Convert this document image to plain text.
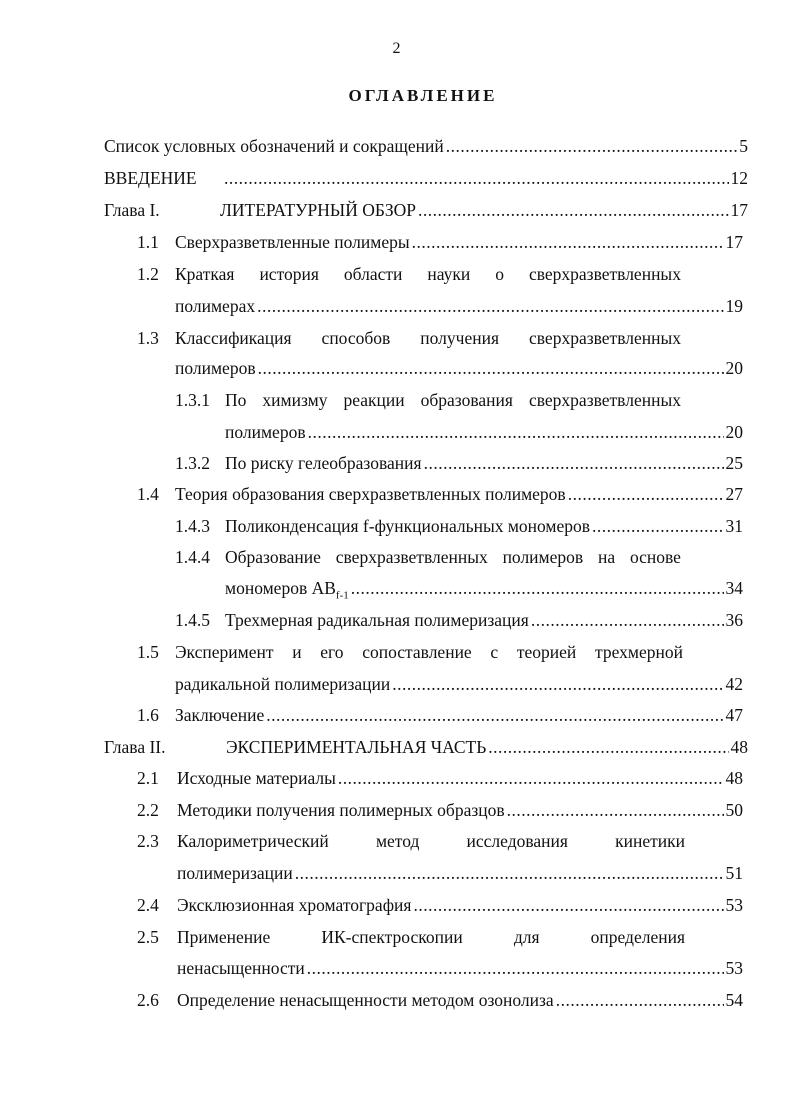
2
ОГЛАВЛЕНИЕ
Список условных обозначений и сокращений .....	5
ВВЕДЕНИЕ .....	12
Глава I.	ЛИТЕРАТУРНЫЙ ОБЗОР .....	17
1.1 Сверхразветвленные полимеры .....	17
1.2 Краткая история области науки о сверхразветвленных
полимерах .....	19
1.3 Классификация способов получения сверхразветвленных
полимеров .....	20
1.3.1 По химизму реакции образования сверхразветвленных
полимеров .....	20
1.3.2 По риску гелеобразования .....	25
1.4 Теория образования сверхразветвленных полимеров .....	27
1.4.3 Поликонденсация f-функциональных мономеров .....	31
1.4.4 Образование сверхразветвленных полимеров на основе
мономеров $AB_{f-1}$ .....	34
1.4.5 Трехмерная радикальная полимеризация .....	36
1.5 Эксперимент и его сопоставление с теорией трехмерной
радикальной полимеризации .....	42
1.6 Заключение .....	47
Глава II.	ЭКСПЕРИМЕНТАЛЬНАЯ ЧАСТЬ .....	48
2.1	Исходные материалы .....	48
2.2	Методики получения полимерных образцов .....	50
2.3 Калориметрический	метод	исследования	кинетики
полимеризации .....	51
2.4	Эксклюзионная хроматография .....	53
2.5 Применение	ИК-спектроскопии	для	определения
ненасыщенности .....	53
2.6	Определение ненасыщенности методом озонолиза .....	54
